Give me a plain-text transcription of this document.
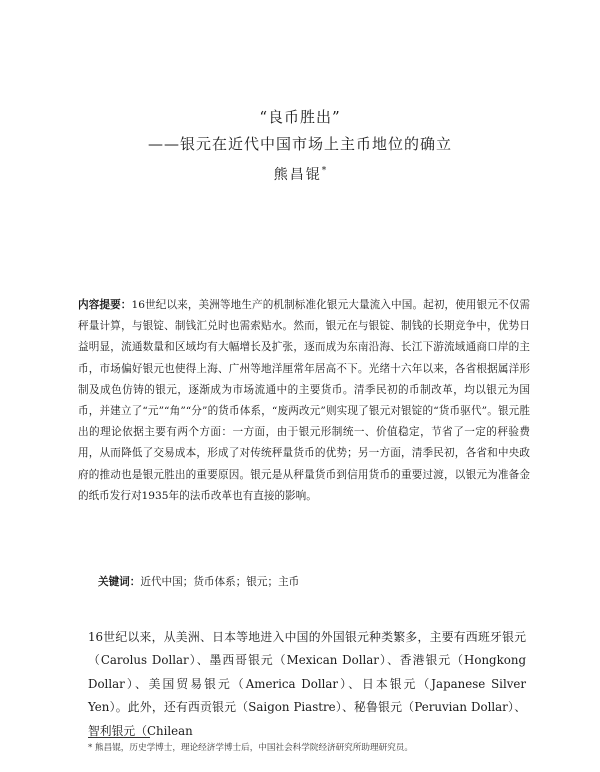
“良币胜出”

——银元在近代中国市场上主币地位的确立

熊昌锟*

内容提要：16世纪以来，美洲等地生产的机制标准化银元大量流入中国。起初，使用银元不仅需秤量计算，与银锭、制钱汇兑时也需索贴水。然而，银元在与银锭、制钱的长期竞争中，优势日益明显，流通数量和区域均有大幅增长及扩张，逐而成为东南沿海、长江下游流域通商口岸的主币，市场偏好银元也使得上海、广州等地洋厘常年居高不下。光绪十六年以来，各省根据属洋形制及成色仿铸的银元，逐渐成为市场流通中的主要货币。清季民初的币制改革，均以银元为国币，并建立了“元”“角”“分”的货币体系，“废两改元”则实现了银元对银锭的“货币驱代”。银元胜出的理论依据主要有两个方面：一方面，由于银元形制统一、价值稳定，节省了一定的秤验费用，从而降低了交易成本，形成了对传统秤量货币的优势；另一方面，清季民初，各省和中央政府的推动也是银元胜出的重要原因。银元是从秤量货币到信用货币的重要过渡，以银元为准备金的纸币发行对1935年的法币改革也有直接的影响。

关键词：近代中国；货币体系；银元；主币

16世纪以来，从美洲、日本等地进入中国的外国银元种类繁多，主要有西班牙银元（Carolus Dollar）、墨西哥银元（Mexican Dollar）、香港银元（Hongkong Dollar）、美国贸易银元（America Dollar）、日本银元（Japanese Silver Yen）。此外，还有西贡银元（Saigon Piastre）、秘鲁银元（Peruvian Dollar）、智利银元（Chilean

* 熊昌锟，历史学博士，理论经济学博士后，中国社会科学院经济研究所助理研究员。
